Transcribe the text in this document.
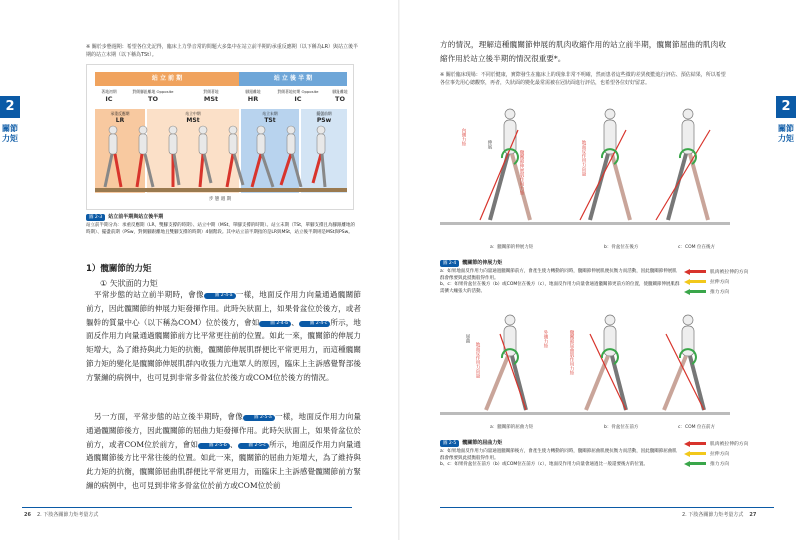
※ 關於步態週期：希望各位先記得，臨床上力學音常的問題大多集中在站立前半期的承重反應期（以下稱為LR）與站立後半期的站立末期（以下稱為TSt）。
站 立 前 期	站 立 後 半 期
著地初期
IC
對側腳趾離地 Opposite
TO
對側著地
MSt
腳跟離地
HR
對側著地初期 Opposite
IC
腳趾離地
TO
承重反應期
LR
站立中期
MSt
站立末期
TSt
擺盪前期
PSw
步 態 週 期
圖 2-3 站立前半期與站立後半期
站立前半期分為：承重反應期（LR，雙腳支撐的時期）、站立中期（MSt，單腳支撐的時期）。站立末期（TSt，單腳支撐且為腳跟離地的時期）、擺盪前期（PSw，對側腳跟離地且雙腳支撐的時期）4個階段。其中站立前半期指的是LR與MSt，站立後半期則是MSt與PSw。
1）髖關節的力矩
① 矢狀面的力矩
平常步態的站立前半期時，會像 圖 2-4-a 一樣，地面反作用力向量通過髖關節前方，因此髖關節的伸展力矩發揮作用。此時矢狀面上，如果骨盆位於後方，或者軀幹的質量中心（以下稱為COM）位於後方，會如 圖 2-4-b 、 圖 2-4-c 所示，地面反作用力向量通過髖關節前方比平常更往前的位置。如此一來，髖關節的伸展力矩增大，為了維持與此力矩的抗衡，髖關節伸展肌群便比平常更用力，而這種髖關節力矩的變化是髖關節伸展肌群內收張力亢進眾人的原因，臨床上主訴感覺腎部後方緊繃的病例中，也可見到非常多骨盆位於後方或COM位於後方的情況。
另一方面，平常步態的站立後半期時，會像 圖 2-5-a 一樣，地面反作用力向量通過髖關節後方，因此髖關節的屈曲力矩發揮作用。此時矢狀面上，如果骨盆位於前方，或者COM位於前方，會如 圖 2-5-b 、 圖 2-5-c 所示，地面反作用力向量通過髖關節後方比平常往後的位置。如此一來，髖關節的屈曲力矩增大，為了維持與此力矩的抗衡，髖關節屈曲肌群便比平常更用力，而臨床上主訴感覺髖關節前方緊繃的病例中，也可見到非常多骨盆位於前方或COM位於前
2
關節力矩
26 2. 下肢各關節力矩考量方式
方的情況，理解這種髖關節伸展的肌肉收縮作用的站立前半期，髖關節屈曲的肌肉收縮作用於站立後半期的情況很重要*。
※ 關於臨床現場：不同於健康，實際發生在臨床上的現象非常不明確，然而患者這些微的差異便能進行評估、預估結果，所以希望各位事先用心總觀察，再者，失狀面的變化最常需被在冠狀面進行評估，也希望各位好好留意。
內側力矩	伸展
髖關節伸展肌作用力矩	地面反作用力向量
a：髖關節的伸展力矩	b：骨盆位在後方	c：COM 位在後方
圖 2-4 髖關節的伸展力矩
a：如果地面反作用力向量通過髖關節前方，會產生使力轉動的同時，髖關節伸展肌便抗衡力而活動，因此髖關節伸展肌群會像要與此抵衡般得作用。
b、c：如果骨盆位在後方（b）或COM位在後方（c），地面反作用力向量會通過髖關節更前方的位置，使髖關節伸展肌群需擴大繃張大的活動。
肌肉被拉伸的方向
拉伸方向
推力方向
屈曲
地面反作用力向量
外側力矩	髖關節屈曲肌作用力矩
a：髖關節的屈曲力矩	b：骨盆位在前方	c：COM 位在前方
圖 2-5 髖關節的屈曲力矩
a：如果地面反作用力向量通過髖關節後方，會產生使力轉動的同時，髖關節屈曲肌便抗衡力而活動，因此髖關節屈曲肌群會像要與此抵衡般得作用。
b、c：如果骨盆位在前方（b）或COM位在前方（c），地面反作用力向量會通過比一般還要後方的位置。
肌肉被拉伸的方向
拉伸方向
推力方向
2
關節力矩
2. 下肢各關節力矩考量方式 27
